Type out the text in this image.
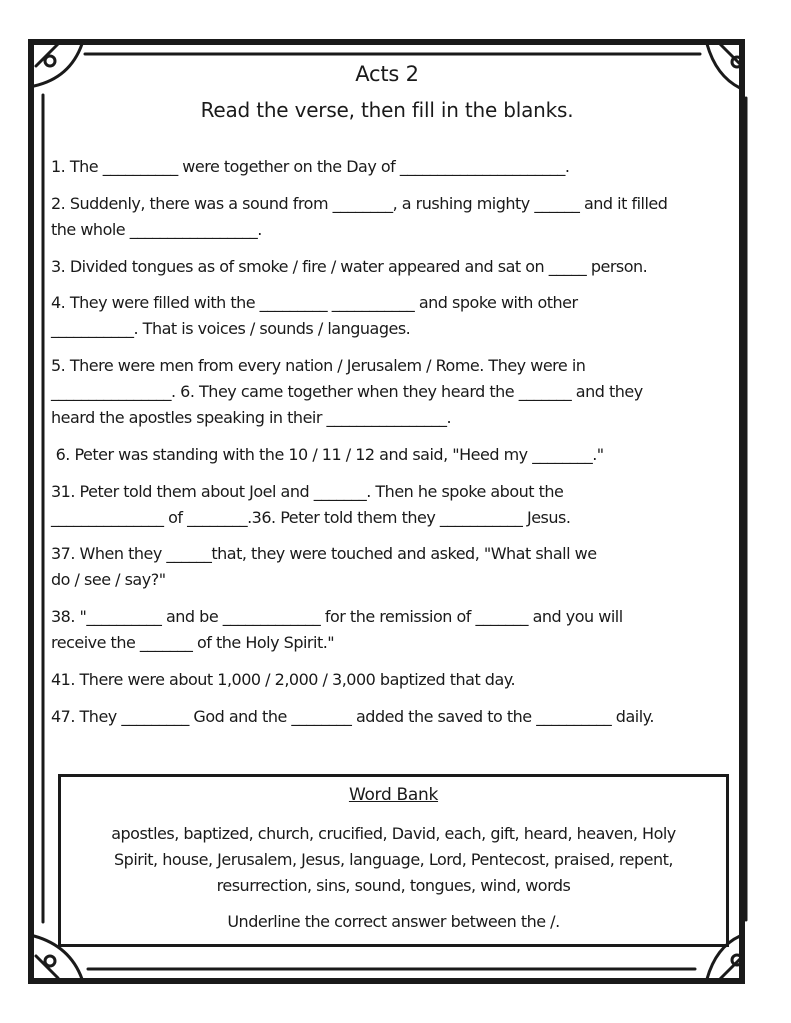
Acts 2
Read the verse, then fill in the blanks.
1. The __________ were together on the Day of ______________________.
2. Suddenly, there was a sound from ________, a rushing mighty ______ and it filled
the whole _________________.
3. Divided tongues as of smoke / fire / water appeared and sat on _____ person.
4. They were filled with the _________ ___________ and spoke with other
___________. That is voices / sounds / languages.
5. There were men from every nation / Jerusalem / Rome. They were in
________________. 6. They came together when they heard the _______ and they
heard the apostles speaking in their ________________.
6. Peter was standing with the 10 / 11 / 12 and said, "Heed my ________."
31. Peter told them about Joel and _______. Then he spoke about the
_______________ of ________.36. Peter told them they ___________ Jesus.
37. When they ______that, they were touched and asked, "What shall we
do / see / say?"
38. "__________ and be _____________ for the remission of _______ and you will
receive the _______ of the Holy Spirit."
41. There were about 1,000 / 2,000 / 3,000 baptized that day.
47. They _________ God and the ________ added the saved to the __________ daily.
Word Bank
apostles, baptized, church, crucified, David, each, gift, heard, heaven, Holy
Spirit, house, Jerusalem, Jesus, language, Lord, Pentecost, praised, repent,
resurrection, sins, sound, tongues, wind, words
Underline the correct answer between the /.
